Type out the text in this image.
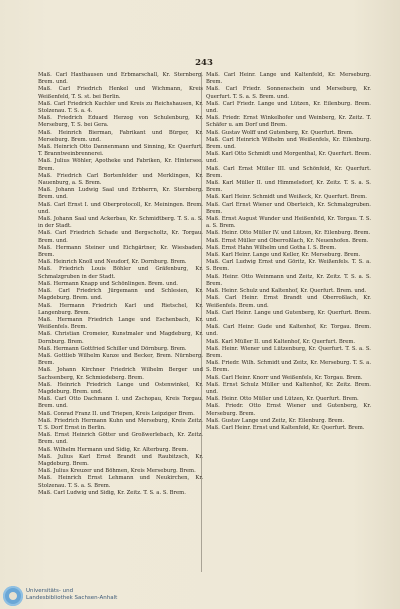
243

Maß. Carl Haxthausen und Erbmarschall, Kr. Sternberg. Brem. und.

Maß. Carl Friedrich Henkel und Wichmann, Kreis Weißenfeld, T. S. st. bei Berlin.

Maß. Carl Friedrich Kuchler und Kreis zu Reichshausen, Kr. Stolzenau. T. S. a. 4.

Maß. Friedrich Eduard Herzog von Schulenburg, Kr. Merseburg, T. S. bei Gera.

Maß. Heinrich Bierman, Fabrikant und Bürger, Kr. Merseburg. Brem. und.

Maß. Heinrich Otto Dannenmann und Sinning, Kr. Querfurt. T. Branntweinbrennerei.

Maß. Julius Wöhler, Apotheke und Fabriken, Kr. Hintersee. Brem.

Maß. Friedrich Carl Bortenfelder und Merklingen, Kr. Nauenburg, a. S. Brem.

Maß. Johann Ludwig Saal und Erbherrn, Kr. Sternberg. Brem. und.

Maß. Carl Ernst I. und Oberprotocoll, Kr. Meiningen. Brem. und.

Maß. Johann Saal und Ackerbau, Kr. Schmidtberg. T. S. a. S. in der Stadt.

Maß. Carl Friedrich Schade und Bergscholtz, Kr. Torgau. Brem. und.

Maß. Hermann Steiner und Eichgärtner, Kr. Wiesbaden. Brem.

Maß. Heinrich Knoll und Neudorf, Kr. Dornburg. Brem.

Maß. Friedrich Louis Böhler und Gräfenburg, Kr. Schmalzgruben in der Stadt.

Maß. Hermann Knapp und Schönlingen. Brem. und.

Maß. Carl Friedrich Jürgemann und Schlesien, Kr. Magdeburg. Brem. und.

Maß. Hermann Friedrich Karl und Rietschel, Kr. Langenburg. Brem.

Maß. Hermann Friedrich Lange und Eschenbach, Kr. Weißenfels. Brem.

Maß. Christian Cromeier, Kunstmaler und Magdeburg, Kr. Dornburg. Brem.

Maß. Hermann Gottfried Schiller und Dörnburg. Brem.

Maß. Gottlieb Wilhelm Kunze und Becker, Brem. Nürnberg. Brem.

Maß. Johann Kirchner Friedrich Wilhelm Berger und Sachsenberg, Kr. Schmiedeberg. Brem.

Maß. Heinrich Friedrich Lange und Ostenwinkel, Kr. Magdeburg. Brem. und.

Maß. Carl Otto Dachmann I. und Zschopau, Kreis Torgau. Brem. und.

Maß. Conrad Franz II. und Triepen, Kreis Leipziger Brem.

Maß. Friedrich Hermann Kuhn und Merseburg, Kreis Zeitz. T. S. Dorf Ernst in Berlin.

Maß. Ernst Heinrich Götter und Großwerlebach, Kr. Zeitz. Brem. und.

Maß. Wilhelm Hermann und Sidig, Kr. Alterburg. Brem.

Maß. Julius Karl Ernst Brandt und Raubitzsch, Kr. Magdeburg. Brem.

Maß. Julius Kreuzer und Böhmen, Kreis Merseburg. Brem.

Maß. Heinrich Ernst Lehmann und Neukirchen, Kr. Stolzenau. T. S. a. S. Brem.

Maß. Carl Ludwig und Sidig, Kr. Zeitz. T. S. a. S. Brem.

Maß. Carl Heinr. Lange und Kaltenfeld, Kr. Merseburg. Brem.

Maß. Carl Friedr. Sonnenschein und Merseburg, Kr. Querfurt. T. S. a. S. Brem. und.

Maß. Carl Friedr. Lange und Lützen, Kr. Eilenburg. Brem. und.

Maß. Friedr. Ernst Winkelhofer und Weinberg, Kr. Zeitz. T. Schäfer u. am Dorf und Brem.

Maß. Gustav Wolff und Gutenberg, Kr. Querfurt. Brem.

Maß. Carl Heinrich Wilhelm und Weißenfels, Kr. Eilenburg. Brem. und.

Maß. Karl Otto Schmidt und Morgenthal, Kr. Querfurt. Brem. und.

Maß. Carl Ernst Müller III. und Schönfeld, Kr. Querfurt. Brem.

Maß. Karl Müller II. und Himmelsdorf, Kr. Zeitz. T. S. a. S. Brem.

Maß. Karl Heinr. Schmidt und Weißeck, Kr. Querfurt. Brem.

Maß. Carl Ernst Wiener und Oberteich, Kr. Schmalzgruben. Brem.

Maß. Ernst August Wunder und Heißenfeld, Kr. Torgau. T. S. a. S. Brem.

Maß. Heinr. Otto Müller IV. und Lützen, Kr. Eilenburg. Brem.

Maß. Ernst Müller und Oberroßlach, Kr. Neuenhofen. Brem.

Maß. Ernst Hahn Wilhelm und Gotha I. S. Brem.

Maß. Karl Heinr. Lange und Keller, Kr. Merseburg. Brem.

Maß. Carl Ludwig Ernst und Göritz, Kr. Weißenfels. T. S. a. S. Brem.

Maß. Heinr. Otto Weinmann und Zeitz, Kr. Zeitz. T. S. a. S. Brem.

Maß. Heinr. Schulz und Kaltenhof, Kr. Querfurt. Brem. und.

Maß. Carl Heinr. Ernst Brandt und Oberroßlach, Kr. Weißenfels. Brem. und.

Maß. Carl Heinr. Lange und Gutenberg, Kr. Querfurt. Brem. und.

Maß. Carl Heinr. Gude und Kaltenhof, Kr. Torgau. Brem. und.

Maß. Karl Müller II. und Kaltenhof, Kr. Querfurt. Brem.

Maß. Heinr. Wiener und Lützenburg, Kr. Querfurt. T. S. a. S. Brem.

Maß. Friedr. Wilh. Schmidt und Zeitz, Kr. Merseburg. T. S. a. S. Brem.

Maß. Carl Heinr. Knorr und Weißenfels, Kr. Torgau. Brem.

Maß. Ernst Schulz Müller und Kaltenhof, Kr. Zeitz. Brem. und.

Maß. Heinr. Otto Müller und Lützen, Kr. Querfurt. Brem.

Maß. Friedr. Otto Ernst Wiener und Gutenberg, Kr. Merseburg. Brem.

Maß. Gustav Lange und Zeitz, Kr. Eilenburg. Brem.

Maß. Carl Heinr. Ernst und Kaltenfeld, Kr. Querfurt. Brem.

Universitäts- und
Landesbibliothek Sachsen-Anhalt
